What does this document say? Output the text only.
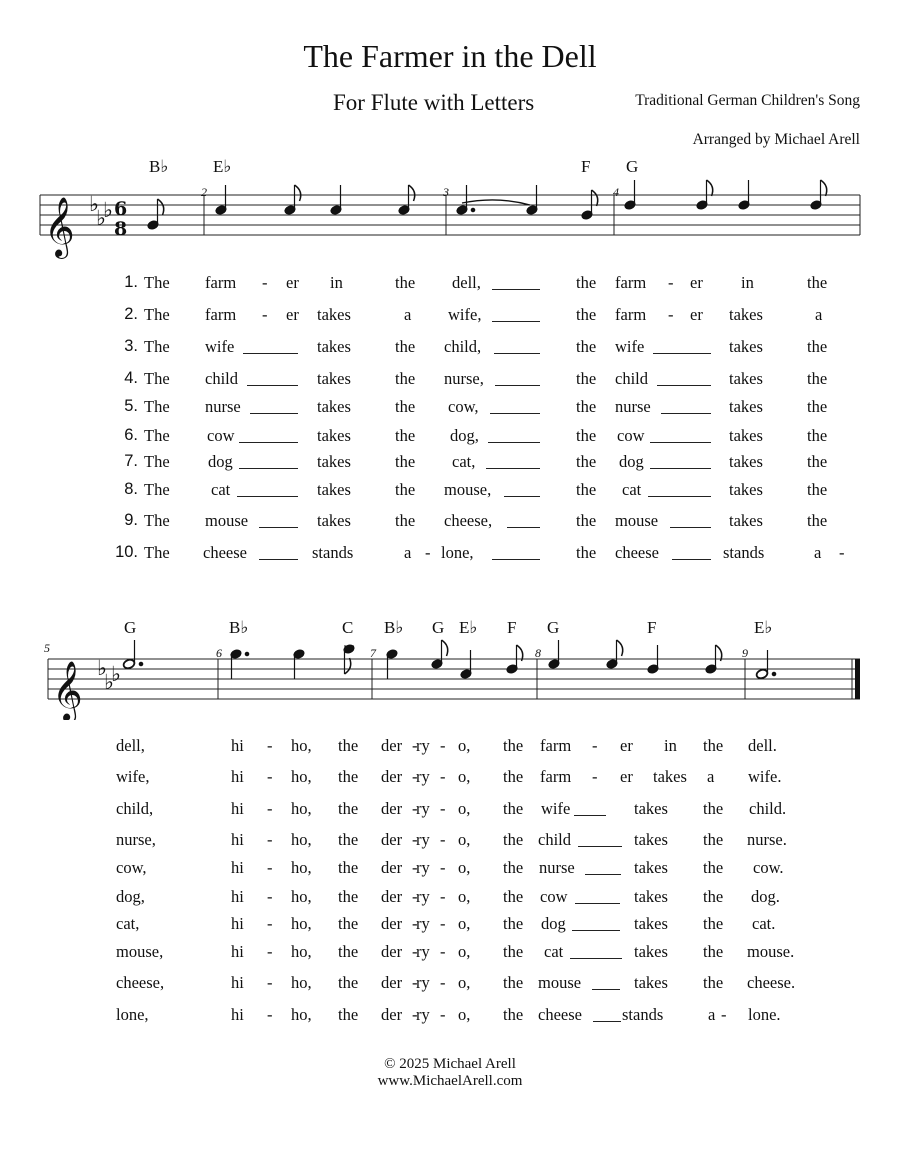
The Farmer in the Dell
For Flute with Letters	Traditional German Children's Song
Arranged by Michael Arell
B♭	E♭	F G
2	3	4
𝄞 ♭
♭
♭ 6
8
1. The farm - er in	the dell,	the farm - er in	the
2. The farm - er takes	a wife,	the farm - er takes	a
3. The wife	takes	the child,	the wife	takes	the
4. The child	takes	the nurse,	the child	takes	the
5. The nurse	takes	the cow,	the nurse	takes	the
6. The cow	takes	the dog,	the cow	takes	the
7. The dog	takes	the cat,	the dog	takes	the
8. The	cat	takes	the mouse,	the cat	takes	the
9. The mouse	takes	the cheese,	the mouse	takes	the
10. The cheese	stands	a - lone,	the cheese	stands	a -
G	B♭	C B♭ G E♭ F G	F	E♭
5	6	7	8	9
𝄞 ♭
♭
♭
dell,	hi - ho, the der -
ry - o, the farm - er in the dell.
wife,	hi - ho, the der -
ry - o, the farm - er takes a wife.
child,	hi - ho, the der -
ry - o, the wife	takes the child.
nurse,	hi - ho, the der -
ry - o, the child	takes the nurse.
cow,	hi - ho, the der -
ry - o, the nurse	takes the cow.
dog,	hi - ho, the der -
ry - o, the cow	takes the dog.
cat,	hi - ho, the der -
ry - o, the dog	takes the cat.
mouse,	hi - ho, the der -
ry - o, the cat	takes the mouse.
cheese,	hi - ho, the der -
ry - o, the mouse	takes the cheese.
lone,	hi - ho, the der -
ry - o, the cheese stands	a - lone.
© 2025 Michael Arell
www.MichaelArell.com
